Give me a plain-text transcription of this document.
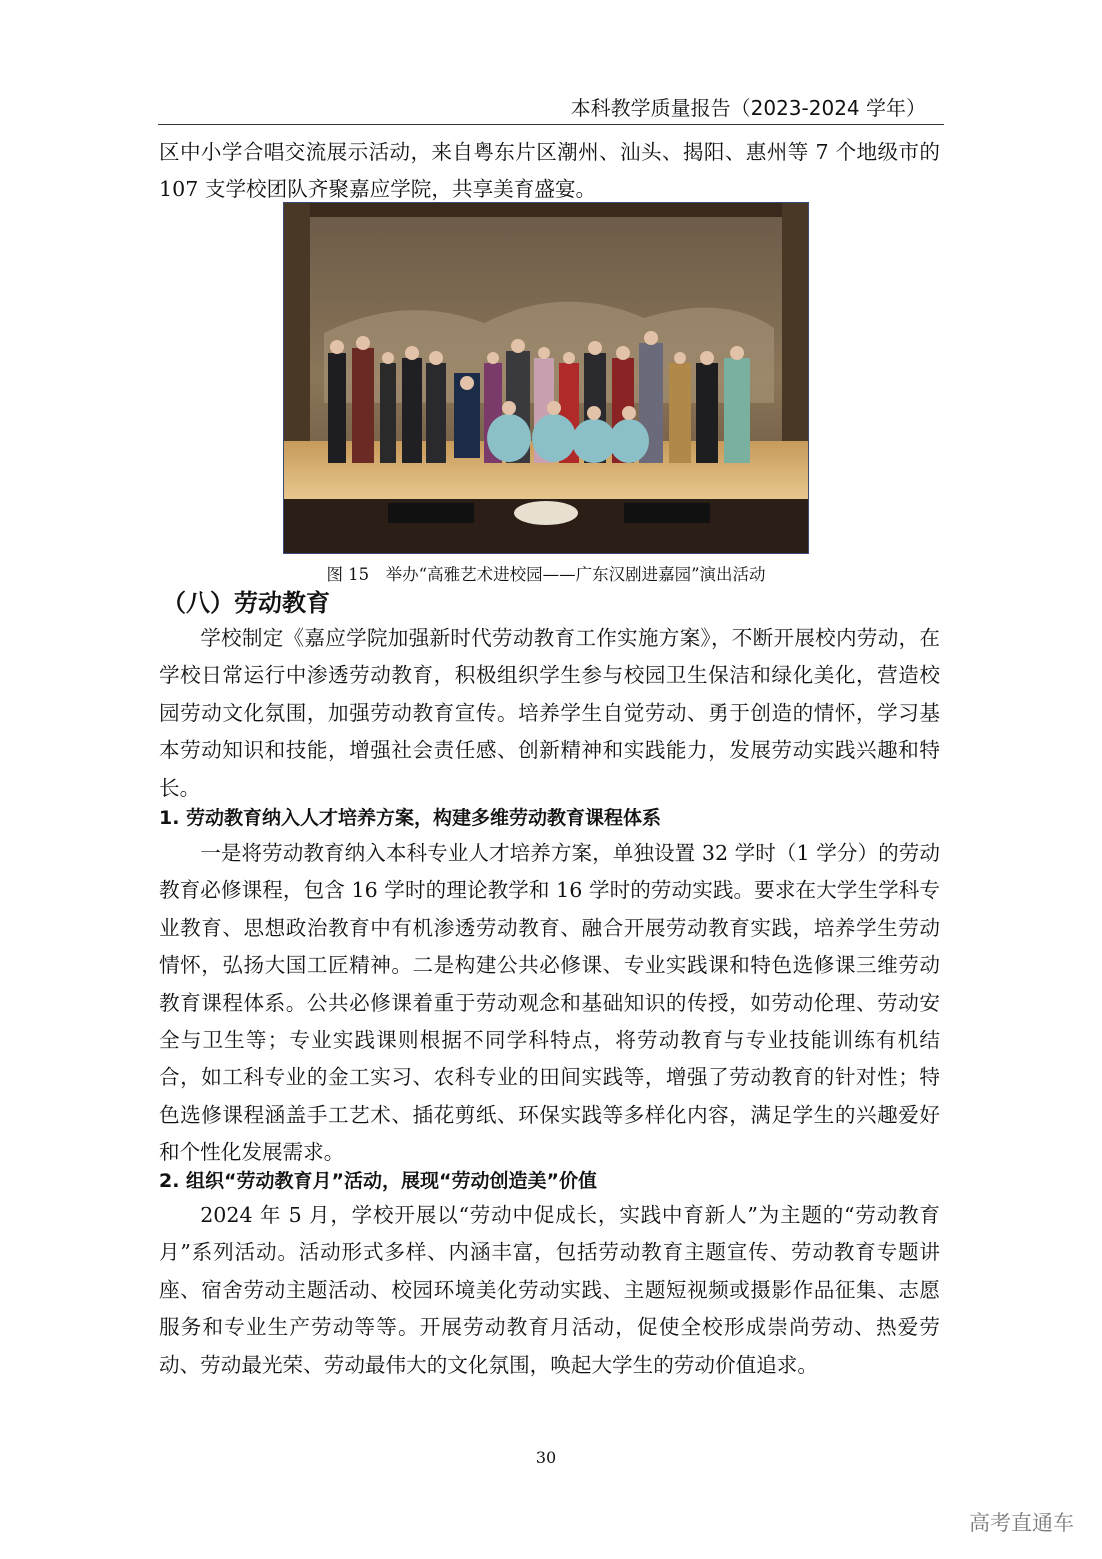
本科教学质量报告（2023-2024 学年）

区中小学合唱交流展示活动，来自粤东片区潮州、汕头、揭阳、惠州等 7 个地级市的 107 支学校团队齐聚嘉应学院，共享美育盛宴。

图 15　举办“高雅艺术进校园——广东汉剧进嘉园”演出活动
（八）劳动教育

学校制定《嘉应学院加强新时代劳动教育工作实施方案》，不断开展校内劳动，在学校日常运行中渗透劳动教育，积极组织学生参与校园卫生保洁和绿化美化，营造校园劳动文化氛围，加强劳动教育宣传。培养学生自觉劳动、勇于创造的情怀，学习基本劳动知识和技能，增强社会责任感、创新精神和实践能力，发展劳动实践兴趣和特长。

1. 劳动教育纳入人才培养方案，构建多维劳动教育课程体系

一是将劳动教育纳入本科专业人才培养方案，单独设置 32 学时（1 学分）的劳动教育必修课程，包含 16 学时的理论教学和 16 学时的劳动实践。要求在大学生学科专业教育、思想政治教育中有机渗透劳动教育、融合开展劳动教育实践，培养学生劳动情怀，弘扬大国工匠精神。二是构建公共必修课、专业实践课和特色选修课三维劳动教育课程体系。公共必修课着重于劳动观念和基础知识的传授，如劳动伦理、劳动安全与卫生等；专业实践课则根据不同学科特点，将劳动教育与专业技能训练有机结合，如工科专业的金工实习、农科专业的田间实践等，增强了劳动教育的针对性；特色选修课程涵盖手工艺术、插花剪纸、环保实践等多样化内容，满足学生的兴趣爱好和个性化发展需求。

2. 组织“劳动教育月”活动，展现“劳动创造美”价值

2024 年 5 月，学校开展以“劳动中促成长，实践中育新人”为主题的“劳动教育月”系列活动。活动形式多样、内涵丰富，包括劳动教育主题宣传、劳动教育专题讲座、宿舍劳动主题活动、校园环境美化劳动实践、主题短视频或摄影作品征集、志愿服务和专业生产劳动等等。开展劳动教育月活动，促使全校形成崇尚劳动、热爱劳动、劳动最光荣、劳动最伟大的文化氛围，唤起大学生的劳动价值追求。

30
高考直通车
